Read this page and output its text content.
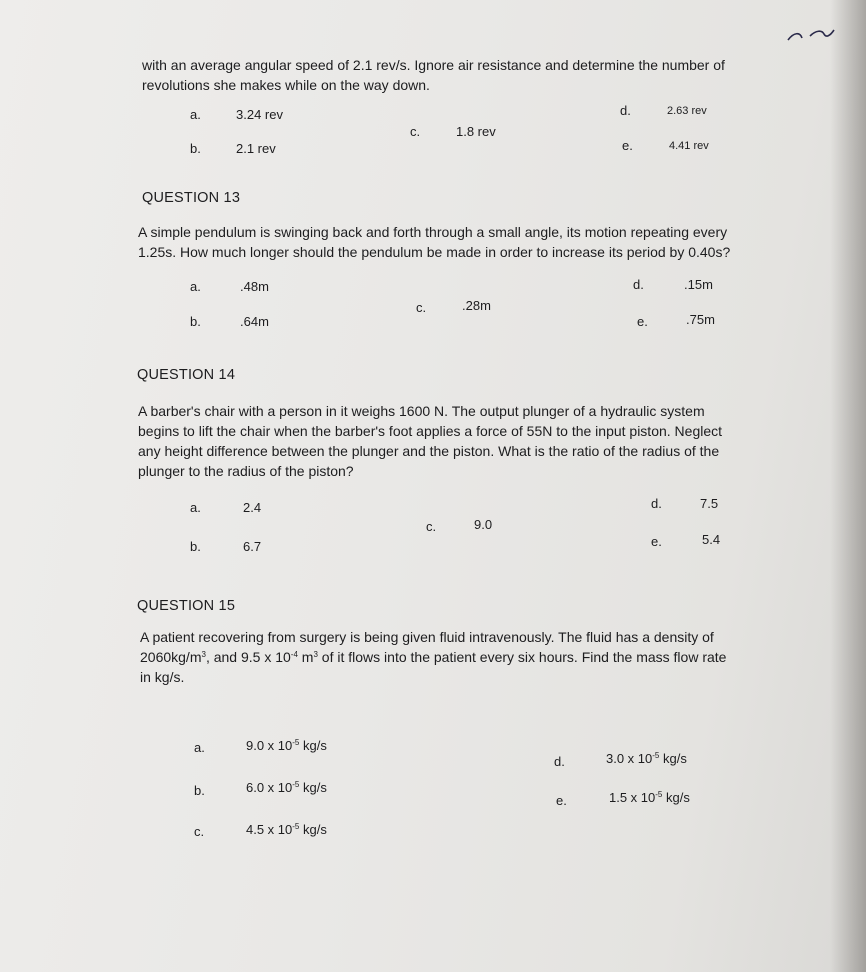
with an average angular speed of 2.1 rev/s. Ignore air resistance and determine the number of
revolutions she makes while on the way down.
a.	3.24 rev
b.	2.1 rev
c.	1.8 rev
d.	2.63 rev
e.	4.41 rev
QUESTION 13
A simple pendulum is swinging back and forth through a small angle, its motion repeating every
1.25s. How much longer should the pendulum be made in order to increase its period by 0.40s?
a.	.48m
b.	.64m
c.	.28m
d.	.15m
e.	.75m
QUESTION 14
A barber's chair with a person in it weighs 1600 N. The output plunger of a hydraulic system
begins to lift the chair when the barber's foot applies a force of 55N to the input piston. Neglect
any height difference between the plunger and the piston. What is the ratio of the radius of the
plunger to the radius of the piston?
a.	2.4
b.	6.7
c.	9.0
d.	7.5
e.	5.4
QUESTION 15
A patient recovering from surgery is being given fluid intravenously. The fluid has a density of
$2060kg/m^3$, and 9.5 x $10^{-4}$ $m^3$ of it flows into the patient every six hours. Find the mass flow rate
in kg/s.
a.	9.0 x $10^{-5}$ kg/s
b.	6.0 x $10^{-5}$ kg/s
c.	4.5 x $10^{-5}$ kg/s
d.	3.0 x $10^{-5}$ kg/s
e.	1.5 x $10^{-5}$ kg/s
